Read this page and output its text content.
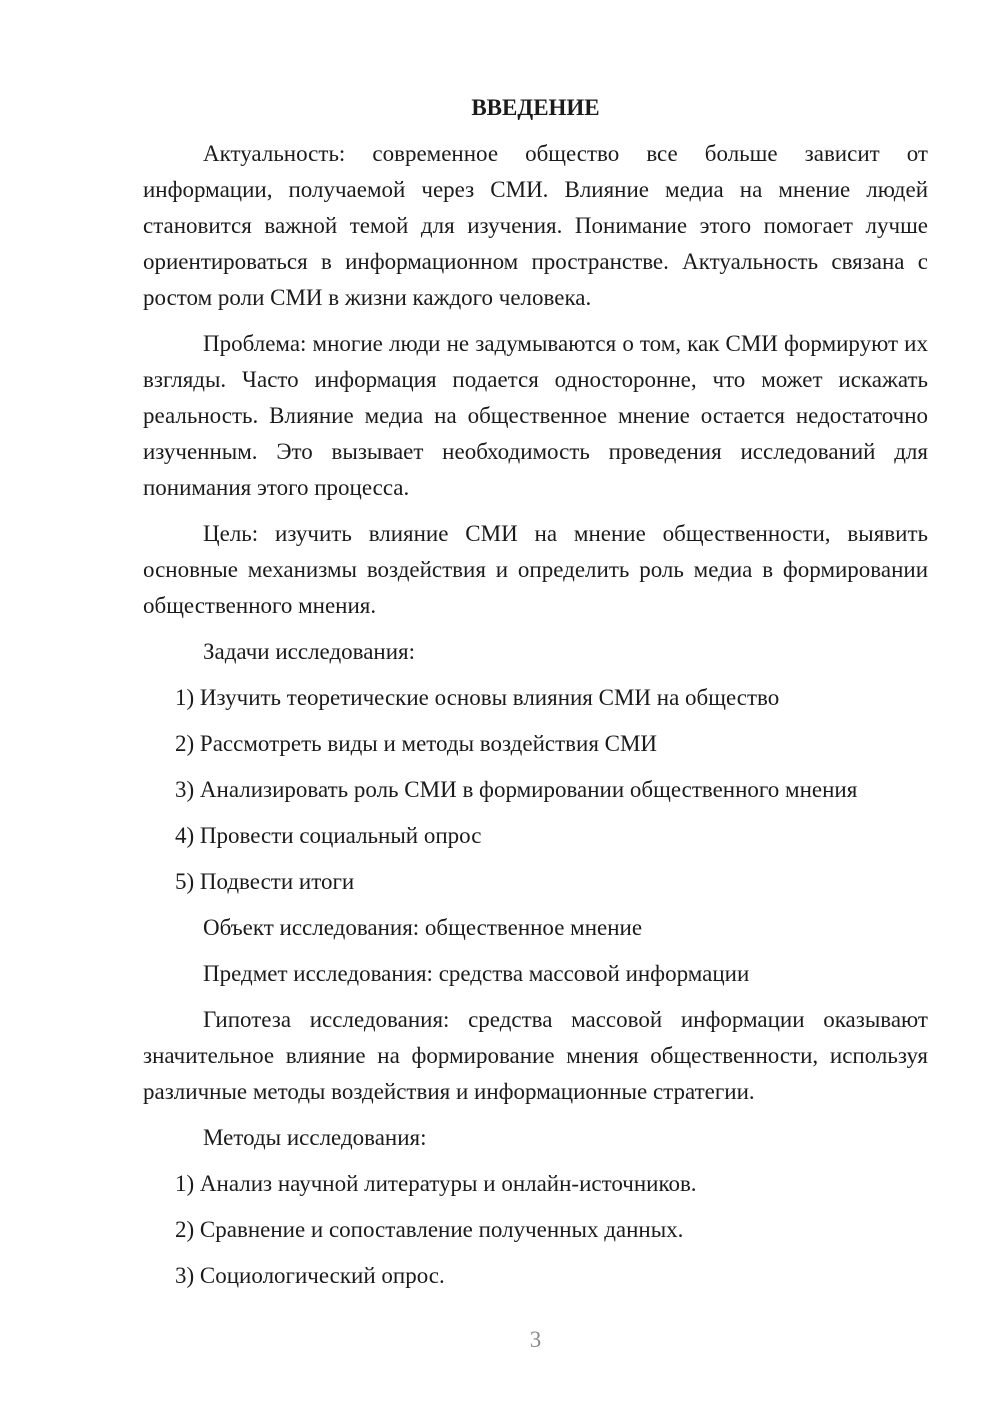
ВВЕДЕНИЕ

Актуальность: современное общество все больше зависит от информации, получаемой через СМИ. Влияние медиа на мнение людей становится важной темой для изучения. Понимание этого помогает лучше ориентироваться в информационном пространстве. Актуальность связана с ростом роли СМИ в жизни каждого человека.

Проблема: многие люди не задумываются о том, как СМИ формируют их взгляды. Часто информация подается односторонне, что может искажать реальность. Влияние медиа на общественное мнение остается недостаточно изученным. Это вызывает необходимость проведения исследований для понимания этого процесса.

Цель: изучить влияние СМИ на мнение общественности, выявить основные механизмы воздействия и определить роль медиа в формировании общественного мнения.

Задачи исследования:

1) Изучить теоретические основы влияния СМИ на общество

2) Рассмотреть виды и методы воздействия СМИ

3) Анализировать роль СМИ в формировании общественного мнения

4) Провести социальный опрос

5) Подвести итоги

Объект исследования: общественное мнение

Предмет исследования: средства массовой информации

Гипотеза исследования: средства массовой информации оказывают значительное влияние на формирование мнения общественности, используя различные методы воздействия и информационные стратегии.

Методы исследования:

1) Анализ научной литературы и онлайн-источников.

2) Сравнение и сопоставление полученных данных.

3) Социологический опрос.

3
